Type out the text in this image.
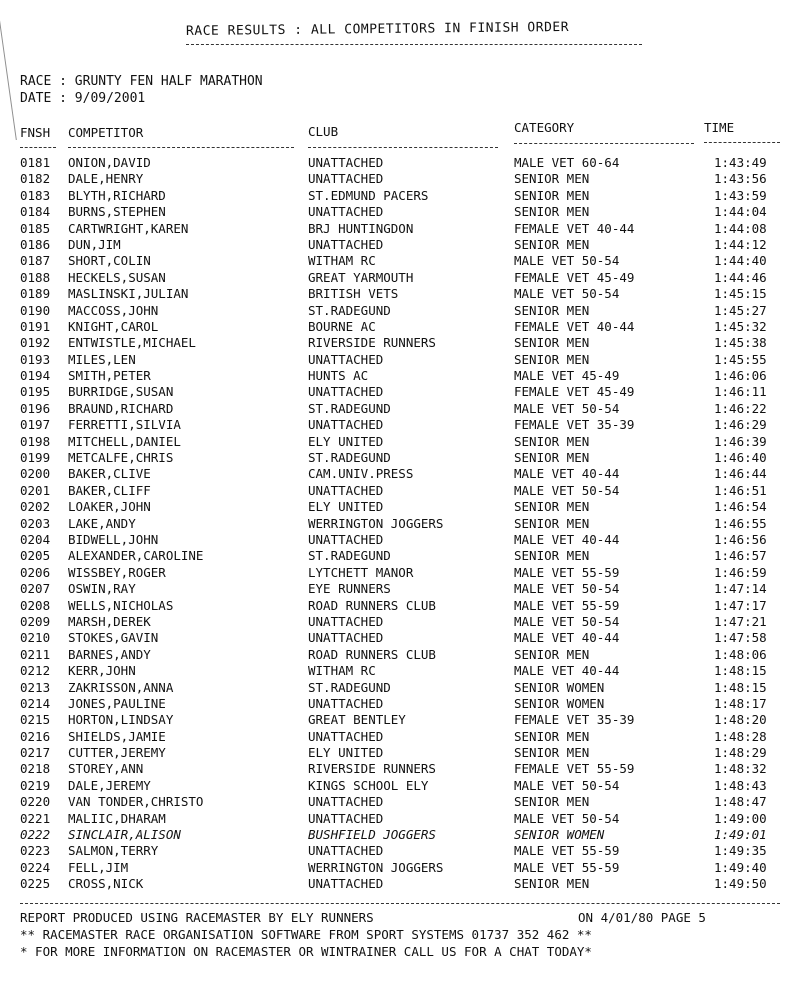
RACE RESULTS : ALL COMPETITORS IN FINISH ORDER
RACE : GRUNTY FEN HALF MARATHON
DATE : 9/09/2001
FNSH COMPETITOR	CLUB	CATEGORY	TIME
0181 ONION,DAVID	UNATTACHED	MALE VET 60-64	1:43:49
0182 DALE,HENRY	UNATTACHED	SENIOR MEN	1:43:56
0183 BLYTH,RICHARD	ST.EDMUND PACERS	SENIOR MEN	1:43:59
0184 BURNS,STEPHEN	UNATTACHED	SENIOR MEN	1:44:04
0185 CARTWRIGHT,KAREN	BRJ HUNTINGDON	FEMALE VET 40-44	1:44:08
0186 DUN,JIM	UNATTACHED	SENIOR MEN	1:44:12
0187 SHORT,COLIN	WITHAM RC	MALE VET 50-54	1:44:40
0188 HECKELS,SUSAN	GREAT YARMOUTH	FEMALE VET 45-49	1:44:46
0189 MASLINSKI,JULIAN	BRITISH VETS	MALE VET 50-54	1:45:15
0190 MACCOSS,JOHN	ST.RADEGUND	SENIOR MEN	1:45:27
0191 KNIGHT,CAROL	BOURNE AC	FEMALE VET 40-44	1:45:32
0192 ENTWISTLE,MICHAEL	RIVERSIDE RUNNERS	SENIOR MEN	1:45:38
0193 MILES,LEN	UNATTACHED	SENIOR MEN	1:45:55
0194 SMITH,PETER	HUNTS AC	MALE VET 45-49	1:46:06
0195 BURRIDGE,SUSAN	UNATTACHED	FEMALE VET 45-49	1:46:11
0196 BRAUND,RICHARD	ST.RADEGUND	MALE VET 50-54	1:46:22
0197 FERRETTI,SILVIA	UNATTACHED	FEMALE VET 35-39	1:46:29
0198 MITCHELL,DANIEL	ELY UNITED	SENIOR MEN	1:46:39
0199 METCALFE,CHRIS	ST.RADEGUND	SENIOR MEN	1:46:40
0200 BAKER,CLIVE	CAM.UNIV.PRESS	MALE VET 40-44	1:46:44
0201 BAKER,CLIFF	UNATTACHED	MALE VET 50-54	1:46:51
0202 LOAKER,JOHN	ELY UNITED	SENIOR MEN	1:46:54
0203 LAKE,ANDY	WERRINGTON JOGGERS	SENIOR MEN	1:46:55
0204 BIDWELL,JOHN	UNATTACHED	MALE VET 40-44	1:46:56
0205 ALEXANDER,CAROLINE	ST.RADEGUND	SENIOR MEN	1:46:57
0206 WISSBEY,ROGER	LYTCHETT MANOR	MALE VET 55-59	1:46:59
0207 OSWIN,RAY	EYE RUNNERS	MALE VET 50-54	1:47:14
0208 WELLS,NICHOLAS	ROAD RUNNERS CLUB	MALE VET 55-59	1:47:17
0209 MARSH,DEREK	UNATTACHED	MALE VET 50-54	1:47:21
0210 STOKES,GAVIN	UNATTACHED	MALE VET 40-44	1:47:58
0211 BARNES,ANDY	ROAD RUNNERS CLUB	SENIOR MEN	1:48:06
0212 KERR,JOHN	WITHAM RC	MALE VET 40-44	1:48:15
0213 ZAKRISSON,ANNA	ST.RADEGUND	SENIOR WOMEN	1:48:15
0214 JONES,PAULINE	UNATTACHED	SENIOR WOMEN	1:48:17
0215 HORTON,LINDSAY	GREAT BENTLEY	FEMALE VET 35-39	1:48:20
0216 SHIELDS,JAMIE	UNATTACHED	SENIOR MEN	1:48:28
0217 CUTTER,JEREMY	ELY UNITED	SENIOR MEN	1:48:29
0218 STOREY,ANN	RIVERSIDE RUNNERS	FEMALE VET 55-59	1:48:32
0219 DALE,JEREMY	KINGS SCHOOL ELY	MALE VET 50-54	1:48:43
0220 VAN TONDER,CHRISTO	UNATTACHED	SENIOR MEN	1:48:47
0221 MALIIC,DHARAM	UNATTACHED	MALE VET 50-54	1:49:00
0222 SINCLAIR,ALISON	BUSHFIELD JOGGERS	SENIOR WOMEN	1:49:01
0223 SALMON,TERRY	UNATTACHED	MALE VET 55-59	1:49:35
0224 FELL,JIM	WERRINGTON JOGGERS	MALE VET 55-59	1:49:40
0225 CROSS,NICK	UNATTACHED	SENIOR MEN	1:49:50
REPORT PRODUCED USING RACEMASTER BY ELY RUNNERS	ON 4/01/80 PAGE 5
** RACEMASTER RACE ORGANISATION SOFTWARE FROM SPORT SYSTEMS 01737 352 462 **
* FOR MORE INFORMATION ON RACEMASTER OR WINTRAINER CALL US FOR A CHAT TODAY*
